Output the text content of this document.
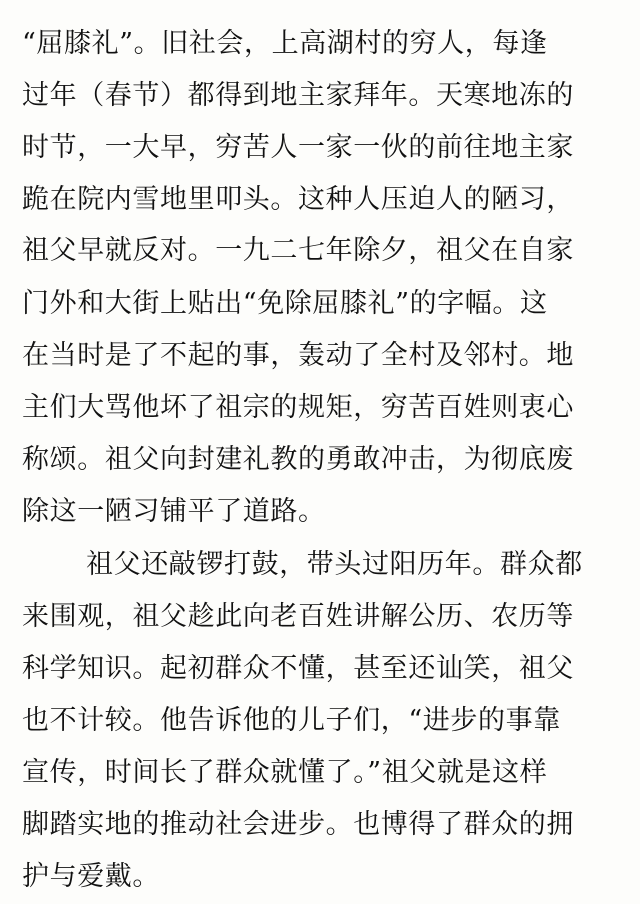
“屈膝礼”。旧社会，上高湖村的穷人，每逢
过年（春节）都得到地主家拜年。天寒地冻的
时节，一大早，穷苦人一家一伙的前往地主家
跪在院内雪地里叩头。这种人压迫人的陋习，
祖父早就反对。一九二七年除夕，祖父在自家
门外和大街上贴出“免除屈膝礼”的字幅。这
在当时是了不起的事，轰动了全村及邻村。地
主们大骂他坏了祖宗的规矩，穷苦百姓则衷心
称颂。祖父向封建礼教的勇敢冲击，为彻底废
除这一陋习铺平了道路。
祖父还敲锣打鼓，带头过阳历年。群众都
来围观，祖父趁此向老百姓讲解公历、农历等
科学知识。起初群众不懂，甚至还讪笑，祖父
也不计较。他告诉他的儿子们，“进步的事靠
宣传，时间长了群众就懂了。”祖父就是这样
脚踏实地的推动社会进步。也博得了群众的拥
护与爱戴。
